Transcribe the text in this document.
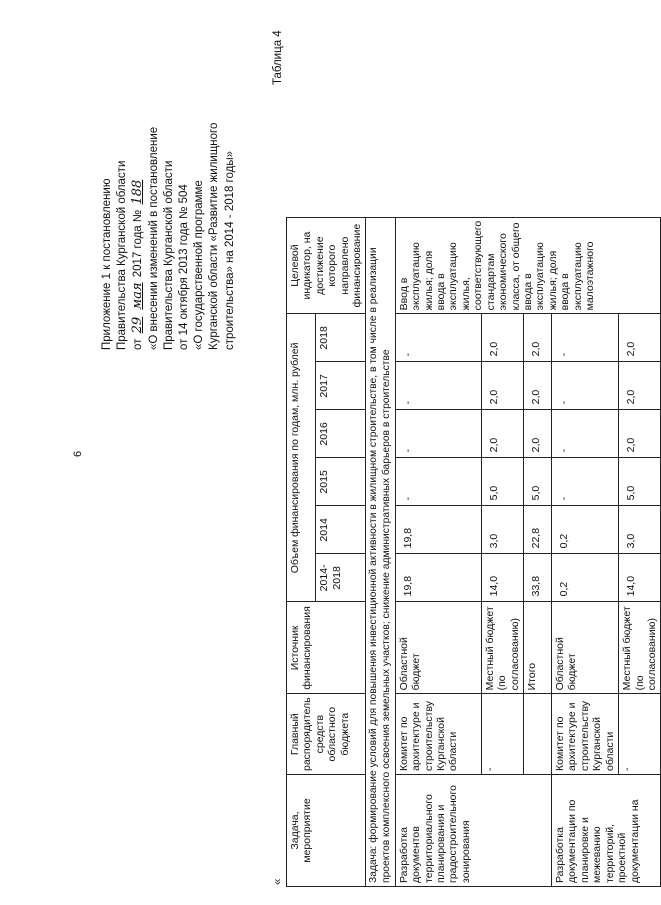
6
Приложение 1 к постановлению Правительства Курганской области от 29 мая 2017 года № 188 «О внесении изменений в постановление Правительства Курганской области от 14 октября 2013 года № 504 «О государственной программе Курганской области «Развитие жилищного строительства» на 2014 - 2018 годы»
Таблица 4
«
Задача, мероприятие	Главный распорядитель средств областного бюджета	Источник финансирования	Объем финансирования по годам, млн. рублей						Целевой индикатор, на достижение которого направлено финансирование
			2014-2018	2014	2015	2016	2017	2018	
Задача: формирование условий для повышения инвестиционной активности в жилищном строительстве, в том числе в реализации проектов комплексного освоения земельных участков; снижение административных барьеров в строительстве									
Разработка документов территориального планирования и градостроительного зонирования	Комитет по архитектуре и строительству Курганской области	Областной бюджет	19,8	19,8	-	-	-	-	Ввод в эксплуатацию жилья; доля ввода в эксплуатацию жилья, соответствующего стандартам экономического класса, от общего ввода в эксплуатацию жилья; доля ввода в эксплуатацию малоэтажного
	-	Местный бюджет (по согласованию)	14,0	3,0	5,0	2,0	2,0	2,0	
		Итого	33,8	22,8	5,0	2,0	2,0	2,0	
Разработка документации по планировке и межеванию территорий, проектной документации на	Комитет по архитектуре и строительству Курганской области	Областной бюджет	0,2	0,2	-	-	-	-	
	-	Местный бюджет (по согласованию)	14,0	3,0	5,0	2,0	2,0	2,0	
